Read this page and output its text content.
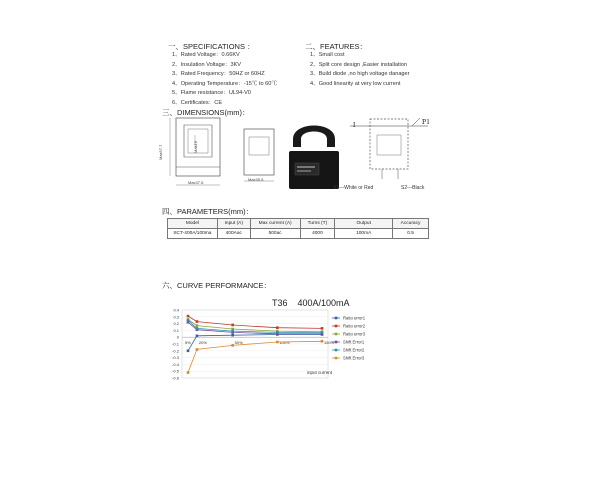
一、SPECIFICATIONS ：
1、Rated Voltage：0.66KV
2、Insulation Voltage：3KV
3、Rated Frequency：50HZ or 60HZ
4、Operating Temperature：-15℃ to 60℃
5、Flame resistance：UL94-V0
6、Certificates：CE
二、FEATURES：
1、Small cost
2、Split core design ,Easier installation
3、Build diode ,no high voltage danager
4、Good linearity at very low current
三、DIMENSIONS(mm)：
Max57.7	Max16
Max37.5
Max35.5
I	P1
S1---White or Red	S2---Black
四、PARAMETERS(mm)：
Model	Input (A)	Max current (A)	Turns (T)	Output	Accuracy
SCT-400A/100ma	400Aac	500ac	4000	100mA	0.5
六、CURVE PERFORMANCE：
T36    400A/100mA
0.4
0.3
0.2
0.1
0
-0.1
-0.2
-0.3
-0.4
-0.5
-0.6
5% 20%	50%	100%	150%
Ratio error1
Ratio error2
Ratio error3
Shift Error1
Shift Error2
Shift Error3
input current
